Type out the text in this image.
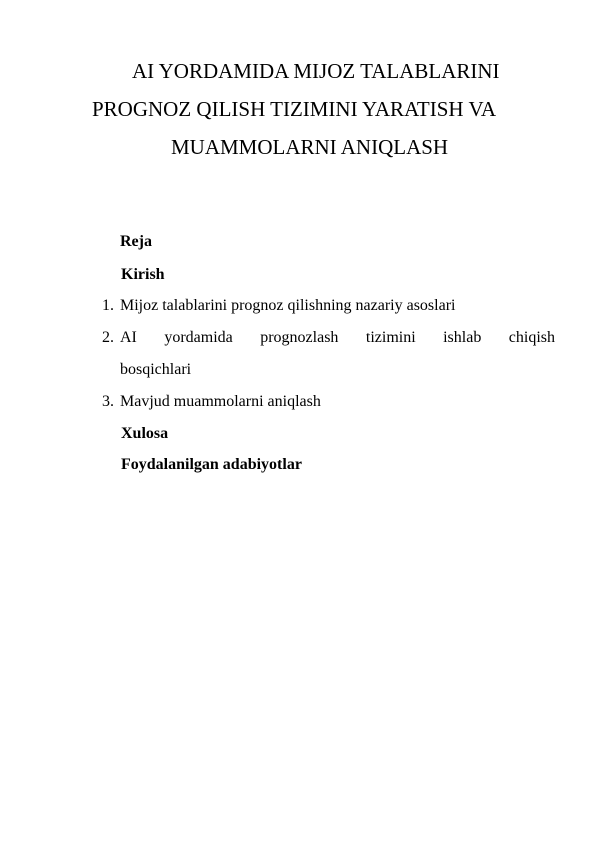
AI YORDAMIDA MIJOZ TALABLARINI
PROGNOZ QILISH TIZIMINI YARATISH VA
MUAMMOLARNI ANIQLASH
Reja
Kirish
1. Mijoz talablarini prognoz qilishning nazariy asoslari
2. AI yordamida prognozlash tizimini ishlab chiqish
bosqichlari
3. Mavjud muammolarni aniqlash
Xulosa
Foydalanilgan adabiyotlar
